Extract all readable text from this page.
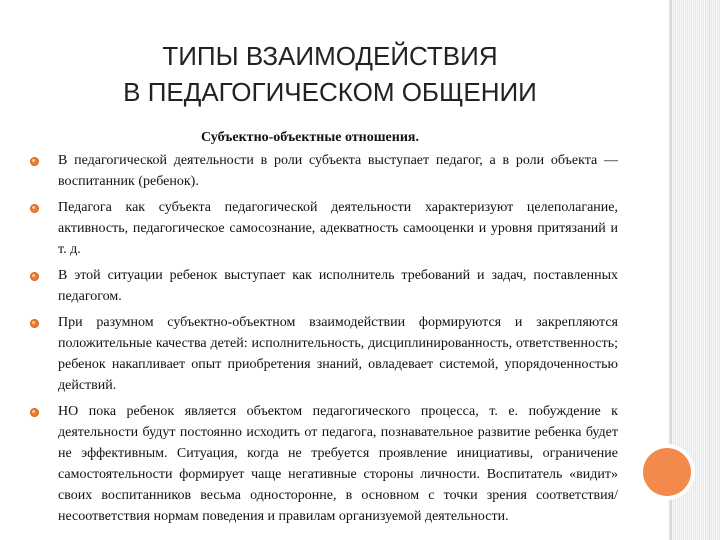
ТИПЫ ВЗАИМОДЕЙСТВИЯ
В ПЕДАГОГИЧЕСКОМ ОБЩЕНИИ
Субъектно-объектные отношения.
В педагогической деятельности в роли субъекта выступает педагог, а в роли объекта — воспитанник (ребенок).
Педагога как субъекта педагогической деятельности характеризуют целеполагание, активность, педагогическое самосознание, адекватность самооценки и уровня притязаний и т. д.
В этой ситуации ребенок выступает как исполнитель требований и задач, поставленных педагогом.
При разумном субъектно-объектном взаимодействии формируются и закрепляются положительные качества детей: исполнительность, дисциплинированность, ответственность; ребенок накапливает опыт приобретения знаний, овладевает системой, упорядоченностью действий.
НО пока ребенок является объектом педагогического процесса, т. е. побуждение к деятельности будут постоянно исходить от педагога, познавательное развитие ребенка будет не эффективным. Ситуация, когда не требуется проявление инициативы, ограничение самостоятельности формирует чаще негативные стороны личности. Воспитатель «видит» своих воспитанников весьма односторонне, в основном с точки зрения соответствия/несоответствия нормам поведения и правилам организуемой деятельности.
